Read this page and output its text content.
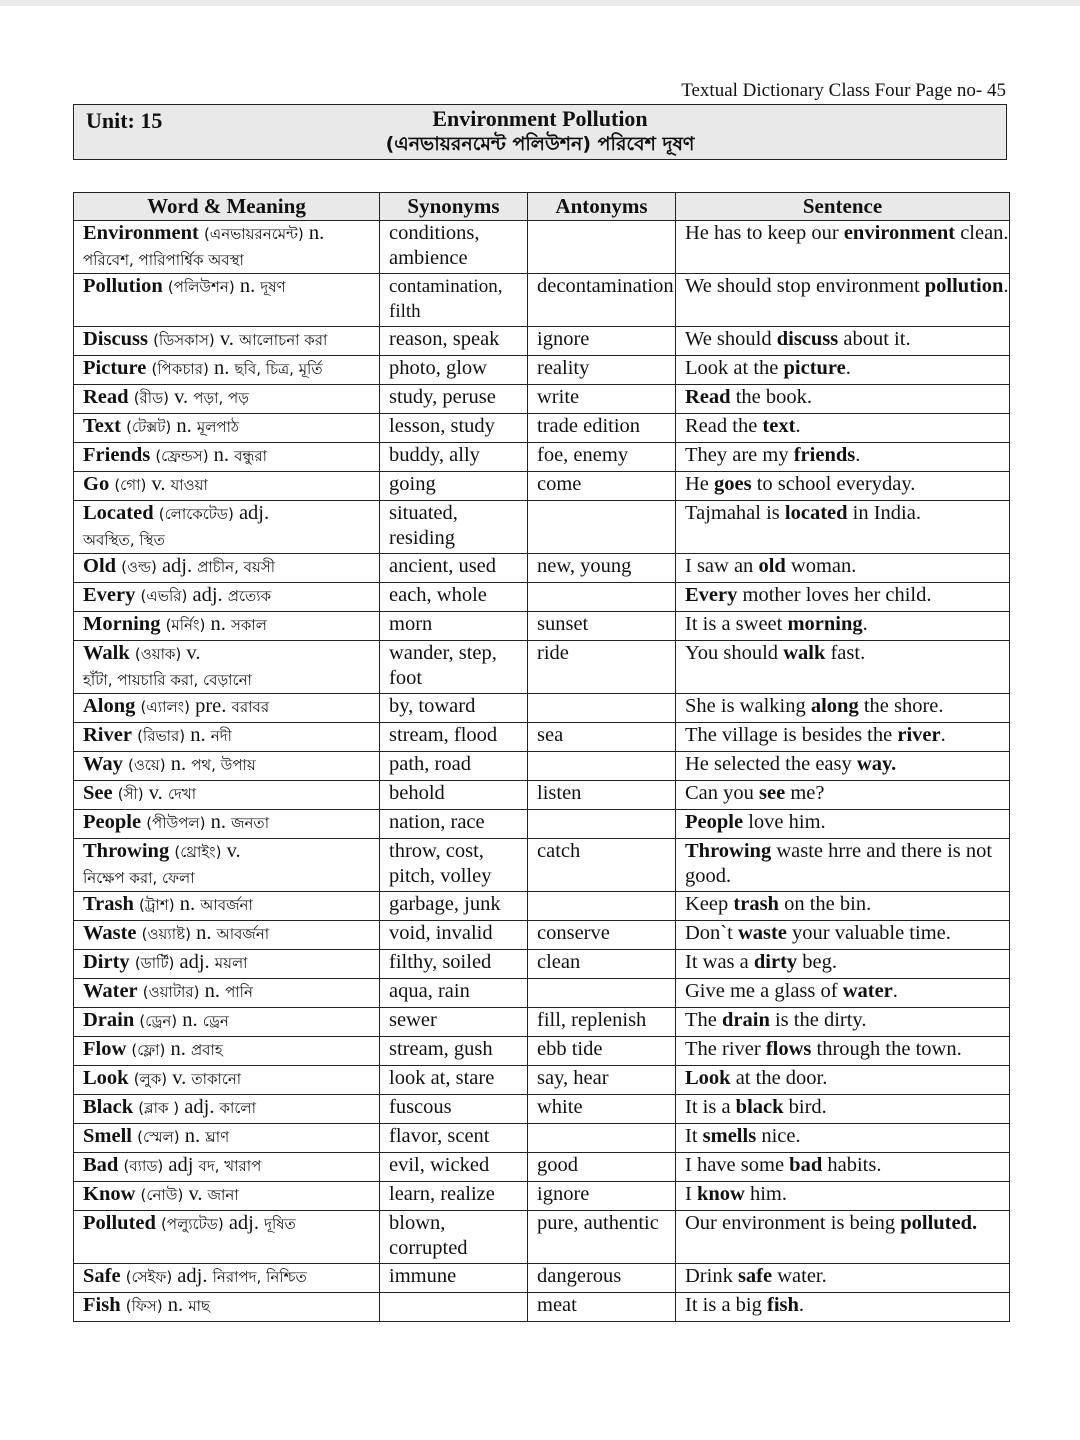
Textual Dictionary Class Four Page no- 45
Unit: 15	Environment Pollution
(এনভায়রনমেন্ট পলিউশন) পরিবেশ দূষণ
Word & Meaning	Synonyms	Antonyms	Sentence
Environment (এনভায়রনমেন্ট) n.
পরিবেশ, পারিপার্শ্বিক অবস্থা	conditions, ambience		He has to keep our environment clean.
Pollution (পলিউশন) n. দূষণ	contamination, filth	decontamination	We should stop environment pollution.
Discuss (ডিসকাস) v. আলোচনা করা	reason, speak	ignore	We should discuss about it.
Picture (পিকচার) n. ছবি, চিত্র, মূর্তি	photo, glow	reality	Look at the picture.
Read (রীড) v. পড়া, পড়	study, peruse	write	Read the book.
Text (টেক্সট) n. মূলপাঠ	lesson, study	trade edition	Read the text.
Friends (ফ্রেন্ডস) n. বন্ধুরা	buddy, ally	foe, enemy	They are my friends.
Go (গো) v. যাওয়া	going	come	He goes to school everyday.
Located (লোকেটেড) adj.
অবস্থিত, স্থিত	situated, residing		Tajmahal is located in India.
Old (ওল্ড) adj. প্রাচীন, বয়সী	ancient, used	new, young	I saw an old woman.
Every (এভরি) adj. প্রত্যেক	each, whole		Every mother loves her child.
Morning (মর্নিং) n. সকাল	morn	sunset	It is a sweet morning.
Walk (ওয়াক) v.
হাঁটা, পায়চারি করা, বেড়ানো	wander, step, foot	ride	You should walk fast.
Along (এ্যালং) pre. বরাবর	by, toward		She is walking along the shore.
River (রিভার) n. নদী	stream, flood	sea	The village is besides the river.
Way (ওয়ে) n. পথ, উপায়	path, road		He selected the easy way.
See (সী) v. দেখা	behold	listen	Can you see me?
People (পীউপল) n. জনতা	nation, race		People love him.
Throwing (থ্রোইং) v.
নিক্ষেপ করা, ফেলা	throw, cost, pitch, volley	catch	Throwing waste hrre and there is not good.
Trash (ট্রাশ) n. আবর্জনা	garbage, junk		Keep trash on the bin.
Waste (ওয়্যাষ্ট) n. আবর্জনা	void, invalid	conserve	Don`t waste your valuable time.
Dirty (ডার্টি) adj. ময়লা	filthy, soiled	clean	It was a dirty beg.
Water (ওয়াটার) n. পানি	aqua, rain		Give me a glass of water.
Drain (ড্রেন) n. ড্রেন	sewer	fill, replenish	The drain is the dirty.
Flow (ফ্লো) n. প্রবাহ	stream, gush	ebb tide	The river flows through the town.
Look (লুক) v. তাকানো	look at, stare	say, hear	Look at the door.
Black (ব্লাক ) adj. কালো	fuscous	white	It is a black bird.
Smell (স্মেল) n. ঘ্রাণ	flavor, scent		It smells nice.
Bad (ব্যাড) adj বদ, খারাপ	evil, wicked	good	I have some bad habits.
Know (নোউ) v. জানা	learn, realize	ignore	I know him.
Polluted (পল্যুটেড) adj. দূষিত	blown, corrupted	pure, authentic	Our environment is being polluted.
Safe (সেইফ) adj. নিরাপদ, নিশ্চিত	immune	dangerous	Drink safe water.
Fish (ফিস) n. মাছ		meat	It is a big fish.
